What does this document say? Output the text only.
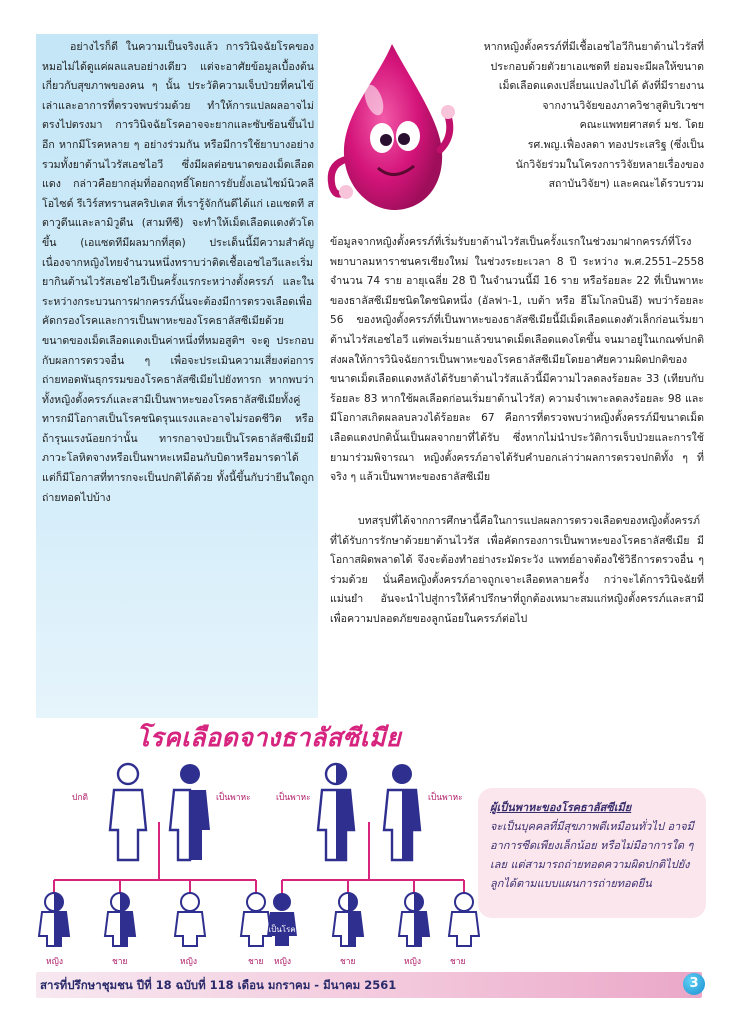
อย่างไรก็ดี ในความเป็นจริงแล้ว การวินิจฉัยโรคของหมอไม่ได้ดูแค่ผลแลบอย่างเดียว แต่จะอาศัยข้อมูลเบื้องต้นเกี่ยวกับสุขภาพของคน ๆ นั้น ประวัติความเจ็บป่วยที่คนไข้เล่าและอาการที่ตรวจพบร่วมด้วย ทำให้การแปลผลอาจไม่ตรงไปตรงมา การวินิจฉัยโรคอาจจะยากและซับซ้อนขึ้นไปอีก หากมีโรคหลาย ๆ อย่างร่วมกัน หรือมีการใช้ยาบางอย่างรวมทั้งยาต้านไวรัสเอชไอวี ซึ่งมีผลต่อขนาดของเม็ดเลือดแดง กล่าวคือยากลุ่มที่ออกฤทธิ์โดยการยับยั้งเอนไซม์นิวคลีโอไซด์ รีเวิร์สทรานสคริปเตส ที่เรารู้จักกันดีได้แก่ เอแซดที สตาวูดีนและลามิวูดีน (สามทีซี) จะทำให้เม็ดเลือดแดงตัวโตขึ้น (เอแซดทีมีผลมากที่สุด) ประเด็นนี้มีความสำคัญเนื่องจากหญิงไทยจำนวนหนึ่งทราบว่าติดเชื้อเอชไอวีและเริ่มยากินต้านไวรัสเอชไอวีเป็นครั้งแรกระหว่างตั้งครรภ์ และในระหว่างกระบวนการฝากครรภ์นั้นจะต้องมีการตรวจเลือดเพื่อคัดกรองโรคและการเป็นพาหะของโรคธาลัสซีเมียด้วย ขนาดของเม็ดเลือดแดงเป็นค่าหนึ่งที่หมอสูติฯ จะดู ประกอบกับผลการตรวจอื่น ๆ เพื่อจะประเมินความเสี่ยงต่อการถ่ายทอดพันธุกรรมของโรคธาลัสซีเมียไปยังทารก หากพบว่าทั้งหญิงตั้งครรภ์และสามีเป็นพาหะของโรคธาลัสซีเมียทั้งคู่ ทารกมีโอกาสเป็นโรคชนิดรุนแรงและอาจไม่รอดชีวิต หรือถ้ารุนแรงน้อยกว่านั้น ทารกอาจป่วยเป็นโรคธาลัสซีเมียมีภาวะโลหิตจางหรือเป็นพาหะเหมือนกับบิดาหรือมารดาได้ แต่ก็มีโอกาสที่ทารกจะเป็นปกติได้ด้วย ทั้งนี้ขึ้นกับว่ายีนใดถูกถ่ายทอดไปบ้าง

หากหญิงตั้งครรภ์ที่มีเชื้อเอชไอวีกินยาต้านไวรัสที่
ประกอบด้วยตัวยาเอแซดที ย่อมจะมีผลให้ขนาด
เม็ดเลือดแดงเปลี่ยนแปลงไปได้ ดังที่มีรายงาน
จากงานวิจัยของภาควิชาสูติบริเวชฯ
คณะแพทยศาสตร์ มช. โดย
รศ.พญ.เฟื่องลดา ทองประเสริฐ (ซึ่งเป็น
นักวิจัยร่วมในโครงการวิจัยหลายเรื่องของ
สถาบันวิจัยฯ) และคณะได้รวบรวม

ข้อมูลจากหญิงตั้งครรภ์ที่เริ่มรับยาต้านไวรัสเป็นครั้งแรกในช่วงมาฝากครรภ์ที่โรงพยาบาลมหาราชนครเชียงใหม่ ในช่วงระยะเวลา 8 ปี ระหว่าง พ.ศ.2551–2558 จำนวน 74 ราย อายุเฉลี่ย 28 ปี ในจำนวนนี้มี 16 ราย หรือร้อยละ 22 ที่เป็นพาหะของธาลัสซีเมียชนิดใดชนิดหนึ่ง (อัลฟา-1, เบต้า หรือ ฮีโมโกลบินอี) พบว่าร้อยละ 56 ของหญิงตั้งครรภ์ที่เป็นพาหะของธาลัสซีเมียนี้มีเม็ดเลือดแดงตัวเล็กก่อนเริ่มยาต้านไวรัสเอชไอวี แต่พอเริ่มยาแล้วขนาดเม็ดเลือดแดงโตขึ้น จนมาอยู่ในเกณฑ์ปกติ ส่งผลให้การวินิจฉัยการเป็นพาหะของโรคธาลัสซีเมียโดยอาศัยความผิดปกติของขนาดเม็ดเลือดแดงหลังได้รับยาต้านไวรัสแล้วนี้มีความไวลดลงร้อยละ 33 (เทียบกับร้อยละ 83 หากใช้ผลเลือดก่อนเริ่มยาต้านไวรัส) ความจำเพาะลดลงร้อยละ 98 และมีโอกาสเกิดผลลบลวงได้ร้อยละ 67 คือการที่ตรวจพบว่าหญิงตั้งครรภ์มีขนาดเม็ดเลือดแดงปกตินั้นเป็นผลจากยาที่ได้รับ ซึ่งหากไม่นำประวัติการเจ็บป่วยและการใช้ยามาร่วมพิจารณา หญิงตั้งครรภ์อาจได้รับคำบอกเล่าว่าผลการตรวจปกติทั้ง ๆ ที่จริง ๆ แล้วเป็นพาหะของธาลัสซีเมีย

บทสรุปที่ได้จากการศึกษานี้คือในการแปลผลการตรวจเลือดของหญิงตั้งครรภ์ที่ได้รับการรักษาด้วยยาต้านไวรัส เพื่อคัดกรองการเป็นพาหะของโรคธาลัสซีเมีย มีโอกาสผิดพลาดได้ จึงจะต้องทำอย่างระมัดระวัง แพทย์อาจต้องใช้วิธีการตรวจอื่น ๆ ร่วมด้วย นั่นคือหญิงตั้งครรภ์อาจถูกเจาะเลือดหลายครั้ง กว่าจะได้การวินิจฉัยที่แม่นยำ อันจะนำไปสู่การให้คำปรึกษาที่ถูกต้องเหมาะสมแก่หญิงตั้งครรภ์และสามี เพื่อความปลอดภัยของลูกน้อยในครรภ์ต่อไป

โรคเลือดจางธาลัสซีเมีย
ปกติ	เป็นพาหะ
หญิง	ชาย	หญิง	ชาย
เป็นพาหะ	เป็นพาหะ
เป็นโรค
หญิง	ชาย	หญิง	ชาย
ผู้เป็นพาหะของโรคธาลัสซีเมีย
จะเป็นบุคคลที่มีสุขภาพดีเหมือนทั่วไป อาจมีอาการซีดเพียงเล็กน้อย หรือไม่มีอาการใด ๆ เลย แต่สามารถถ่ายทอดความผิดปกติไปยังลูกได้ตามแบบแผนการถ่ายทอดยีน
สารที่ปรึกษาชุมชน ปีที่ 18 ฉบับที่ 118 เดือน มกราคม - มีนาคม 2561	3
